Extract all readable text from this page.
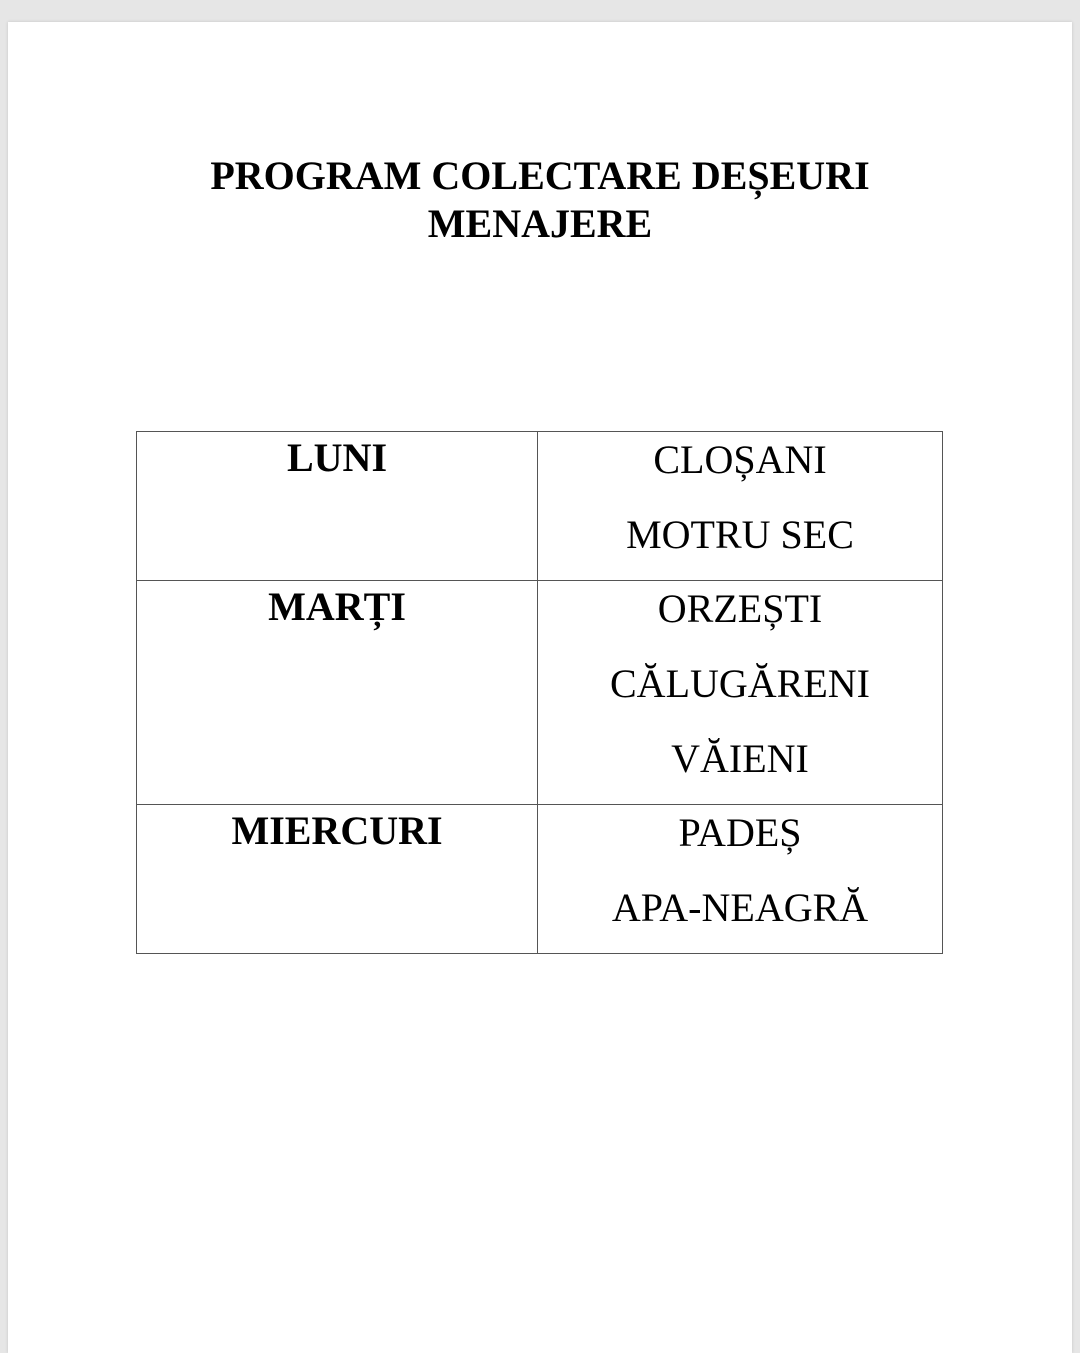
PROGRAM COLECTARE DEȘEURI
MENAJERE
LUNI	CLOȘANI
MOTRU SEC

MARȚI	ORZEȘTI
CĂLUGĂRENI
VĂIENI

MIERCURI	PADEȘ
APA-NEAGRĂ
